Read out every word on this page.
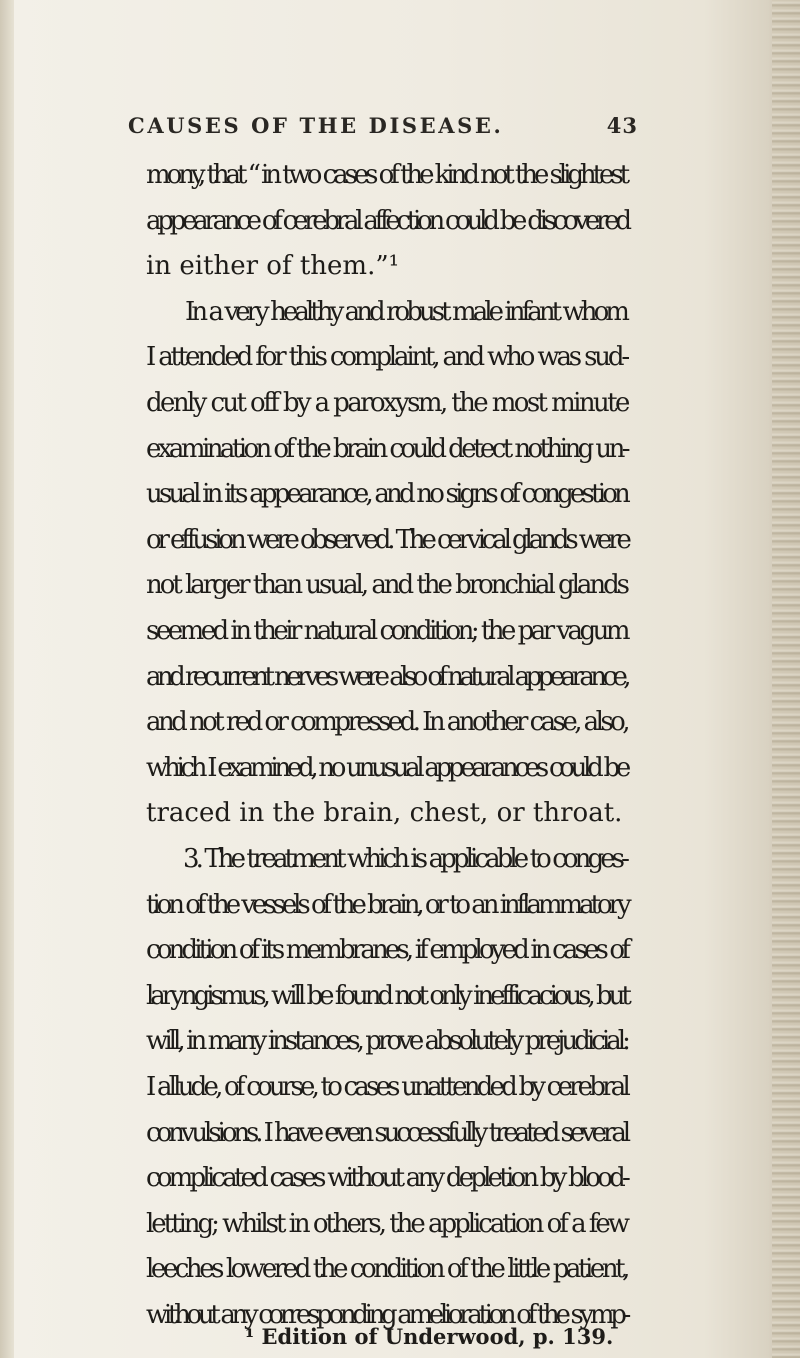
CAUSES OF THE DISEASE.	43
mony, that “ in two cases of the kind not the slightest
appearance of cerebral affection could be discovered
in either of them.”¹
In a very healthy and robust male infant whom
I attended for this complaint, and who was sud-
denly cut off by a paroxysm, the most minute
examination of the brain could detect nothing un-
usual in its appearance, and no signs of congestion
or effusion were observed. The cervical glands were
not larger than usual, and the bronchial glands
seemed in their natural condition; the par vagum
and recurrent nerves were also of natural appearance,
and not red or compressed. In another case, also,
which I examined, no unusual appearances could be
traced in the brain, chest, or throat.
3. The treatment which is applicable to conges-
tion of the vessels of the brain, or to an inflammatory
condition of its membranes, if employed in cases of
laryngismus, will be found not only inefficacious, but
will, in many instances, prove absolutely prejudicial:
I allude, of course, to cases unattended by cerebral
convulsions. I have even successfully treated several
complicated cases without any depletion by blood-
letting; whilst in others, the application of a few
leeches lowered the condition of the little patient,
without any corresponding amelioration of the symp-
¹ Edition of Underwood, p. 139.
